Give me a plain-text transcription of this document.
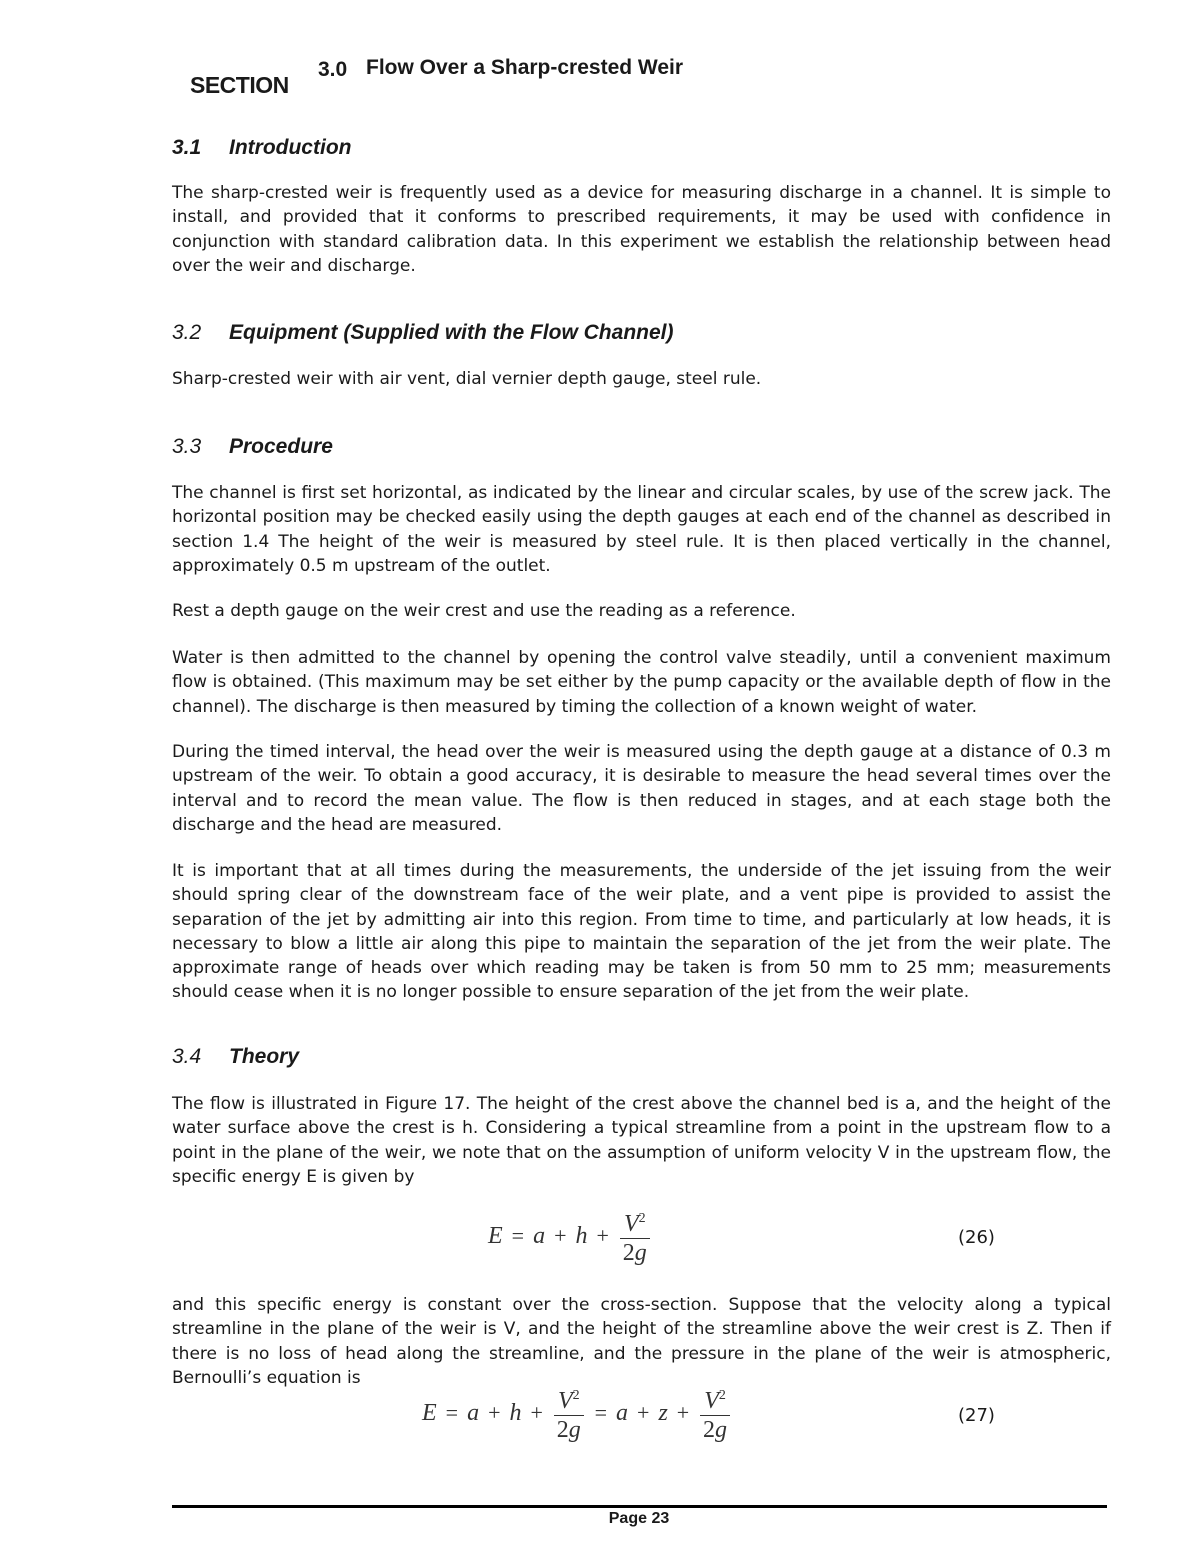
SECTION
3.0 Flow Over a Sharp-crested Weir
3.1 Introduction

The sharp-crested weir is frequently used as a device for measuring discharge in a channel. It is simple to install, and provided that it conforms to prescribed requirements, it may be used with confidence in conjunction with standard calibration data. In this experiment we establish the relationship between head over the weir and discharge.

3.2 Equipment (Supplied with the Flow Channel)

Sharp-crested weir with air vent, dial vernier depth gauge, steel rule.

3.3 Procedure

The channel is first set horizontal, as indicated by the linear and circular scales, by use of the screw jack. The horizontal position may be checked easily using the depth gauges at each end of the channel as described in section 1.4 The height of the weir is measured by steel rule. It is then placed vertically in the channel, approximately 0.5 m upstream of the outlet.

Rest a depth gauge on the weir crest and use the reading as a reference.

Water is then admitted to the channel by opening the control valve steadily, until a convenient maximum flow is obtained. (This maximum may be set either by the pump capacity or the available depth of flow in the channel). The discharge is then measured by timing the collection of a known weight of water.

During the timed interval, the head over the weir is measured using the depth gauge at a distance of 0.3 m upstream of the weir. To obtain a good accuracy, it is desirable to measure the head several times over the interval and to record the mean value. The flow is then reduced in stages, and at each stage both the discharge and the head are measured.

It is important that at all times during the measurements, the underside of the jet issuing from the weir should spring clear of the downstream face of the weir plate, and a vent pipe is provided to assist the separation of the jet by admitting air into this region. From time to time, and particularly at low heads, it is necessary to blow a little air along this pipe to maintain the separation of the jet from the weir plate. The approximate range of heads over which reading may be taken is from 50 mm to 25 mm; measurements should cease when it is no longer possible to ensure separation of the jet from the weir plate.

3.4 Theory

The flow is illustrated in Figure 17. The height of the crest above the channel bed is a, and the height of the water surface above the crest is h. Considering a typical streamline from a point in the upstream flow to a point in the plane of the weir, we note that on the assumption of uniform velocity V in the upstream flow, the specific energy E is given by

$E = a + h + \frac{V^2}{2g}$	(26)

and this specific energy is constant over the cross-section. Suppose that the velocity along a typical streamline in the plane of the weir is V, and the height of the streamline above the weir crest is Z. Then if there is no loss of head along the streamline, and the pressure in the plane of the weir is atmospheric, Bernoulli’s equation is

$E = a + h + \frac{V^2}{2g} = a + z + \frac{V^2}{2g}$	(27)
Page 23
